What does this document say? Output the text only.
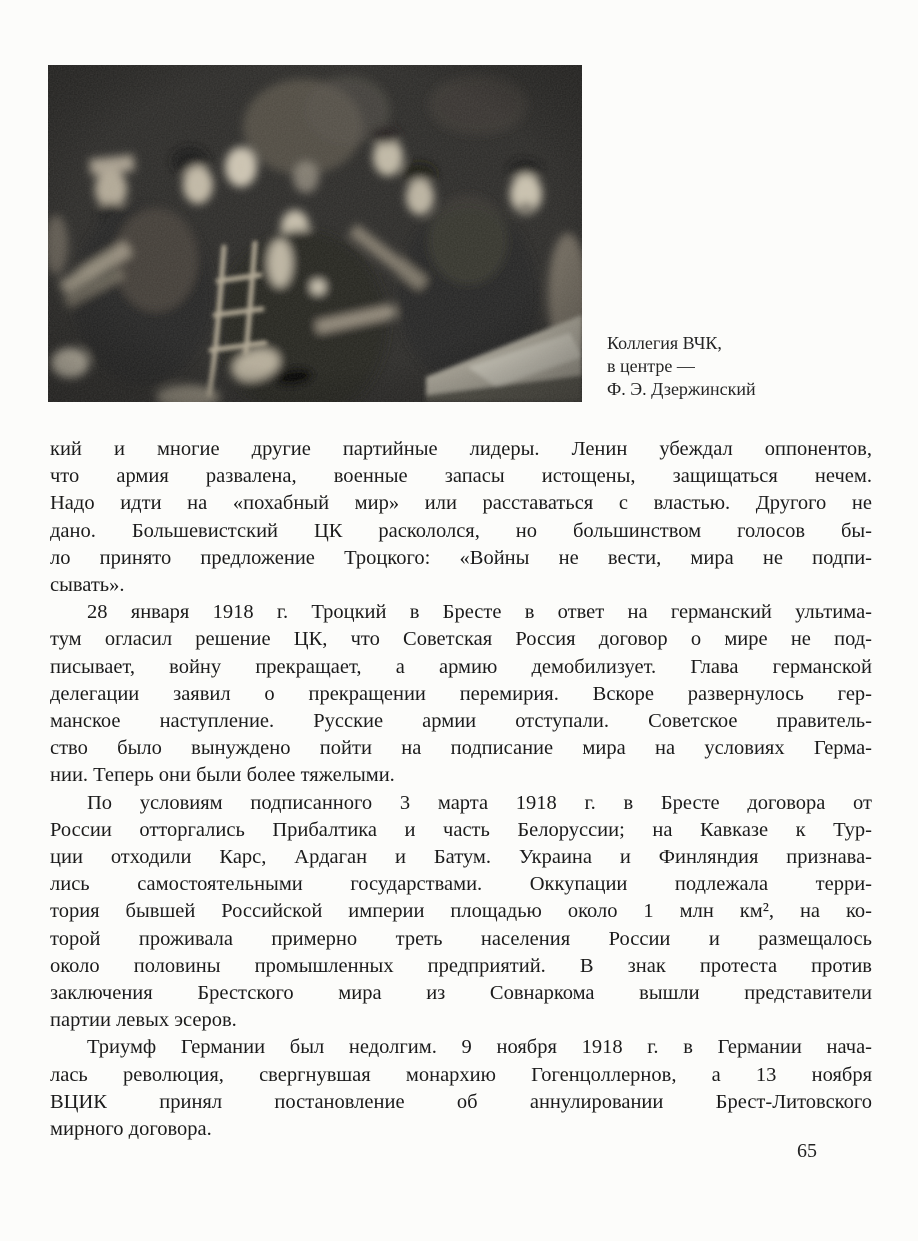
Коллегия ВЧК,
в центре —
Ф. Э. Дзержинский
кий и многие другие партийные лидеры. Ленин убеждал оппонентов,
что армия развалена, военные запасы истощены, защищаться нечем.
Надо идти на «похабный мир» или расставаться с властью. Другого не
дано. Большевистский ЦК раскололся, но большинством голосов бы-
ло принято предложение Троцкого: «Войны не вести, мира не подпи-
сывать».
28 января 1918 г. Троцкий в Бресте в ответ на германский ультима-
тум огласил решение ЦК, что Советская Россия договор о мире не под-
писывает, войну прекращает, а армию демобилизует. Глава германской
делегации заявил о прекращении перемирия. Вскоре развернулось гер-
манское наступление. Русские армии отступали. Советское правитель-
ство было вынуждено пойти на подписание мира на условиях Герма-
нии. Теперь они были более тяжелыми.
По условиям подписанного 3 марта 1918 г. в Бресте договора от
России отторгались Прибалтика и часть Белоруссии; на Кавказе к Тур-
ции отходили Карс, Ардаган и Батум. Украина и Финляндия признава-
лись самостоятельными государствами. Оккупации подлежала терри-
тория бывшей Российской империи площадью около 1 млн км², на ко-
торой проживала примерно треть населения России и размещалось
около половины промышленных предприятий. В знак протеста против
заключения Брестского мира из Совнаркома вышли представители
партии левых эсеров.
Триумф Германии был недолгим. 9 ноября 1918 г. в Германии нача-
лась революция, свергнувшая монархию Гогенцоллернов, а 13 ноября
ВЦИК принял постановление об аннулировании Брест-Литовского
мирного договора.
65
